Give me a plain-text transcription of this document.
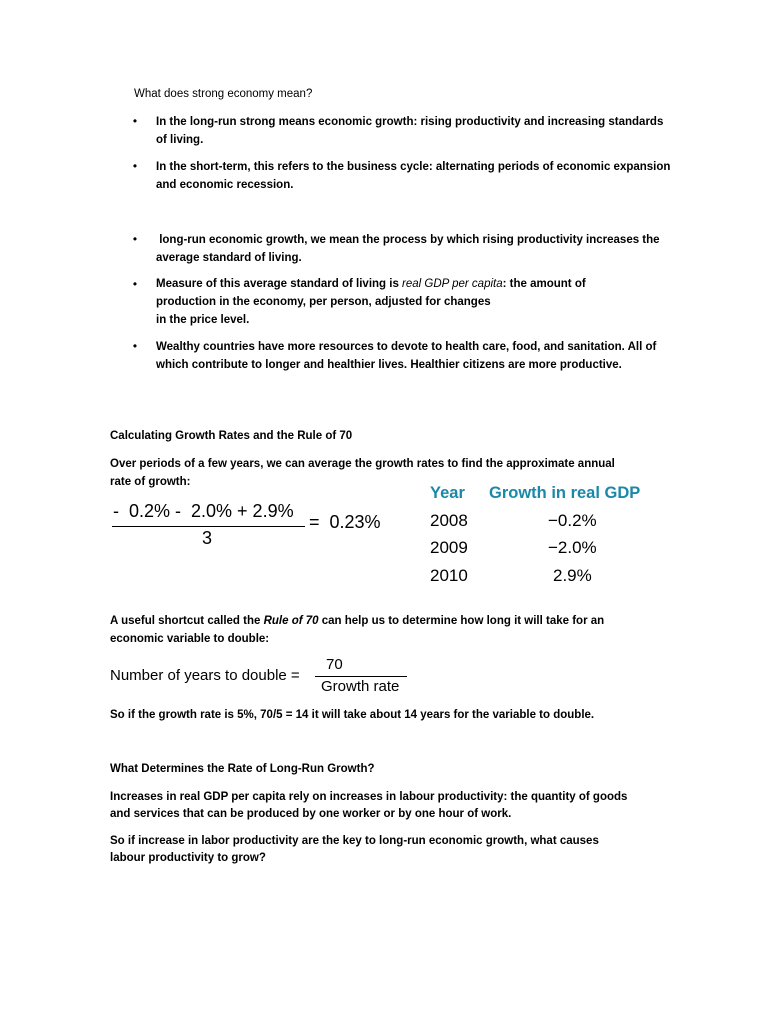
What does strong economy mean?
• In the long-run strong means economic growth: rising productivity and increasing standards of living.
• In the short-term, this refers to the business cycle: alternating periods of economic expansion and economic recession.
• long-run economic growth, we mean the process by which rising productivity increases the average standard of living.
• Measure of this average standard of living is real GDP per capita: the amount of
production in the economy, per person, adjusted for changes
in the price level.
• Wealthy countries have more resources to devote to health care, food, and sanitation. All of which contribute to longer and healthier lives. Healthier citizens are more productive.
Calculating Growth Rates and the Rule of 70
Over periods of a few years, we can average the growth rates to find the approximate annual
rate of growth:
-  0.2% -  2.0% + 2.9%
3
=  0.23%
Year Growth in real GDP
2008	−0.2%
2009	−2.0%
2010	2.9%
A useful shortcut called the Rule of 70 can help us to determine how long it will take for an
economic variable to double:
Number of years to double =
70
Growth rate
So if the growth rate is 5%, 70/5 = 14 it will take about 14 years for the variable to double.
What Determines the Rate of Long-Run Growth?
Increases in real GDP per capita rely on increases in labour productivity: the quantity of goods
and services that can be produced by one worker or by one hour of work.
So if increase in labor productivity are the key to long-run economic growth, what causes
labour productivity to grow?
